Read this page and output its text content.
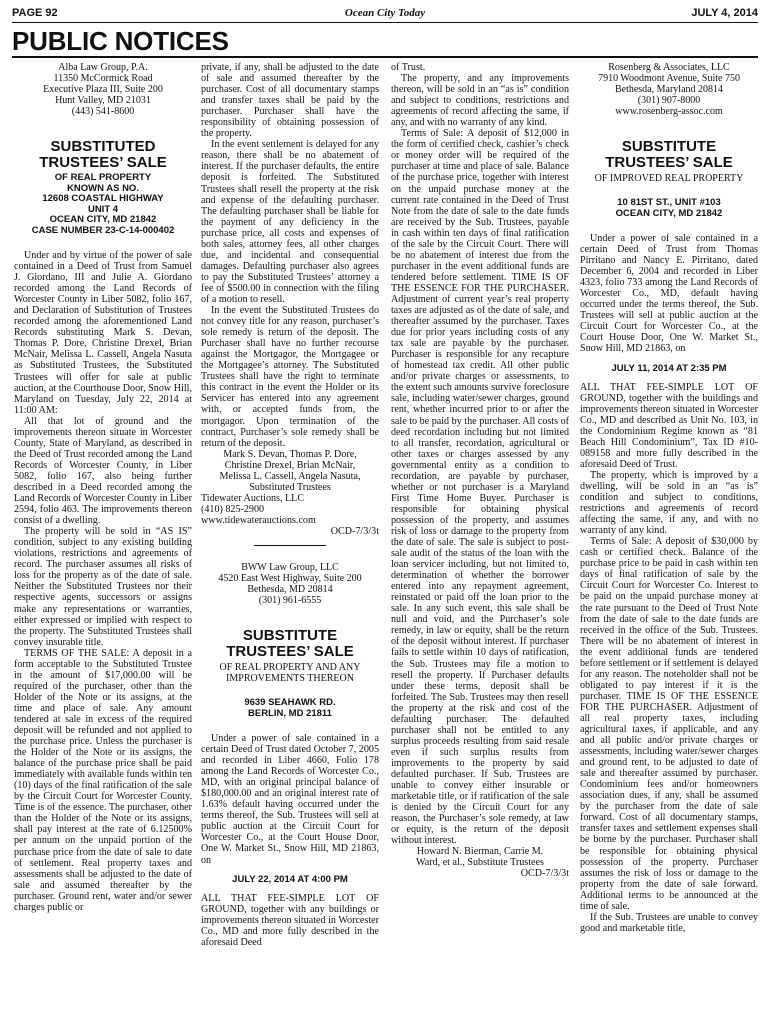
PAGE 92	Ocean City Today	JULY 4, 2014
PUBLIC NOTICES
Alba Law Group, P.A.
11350 McCormick Road
Executive Plaza III, Suite 200
Hunt Valley, MD 21031
(443) 541-8600
SUBSTITUTED TRUSTEES’ SALE
OF REAL PROPERTY
KNOWN AS NO.
12608 COASTAL HIGHWAY
UNIT 4
OCEAN CITY, MD 21842
CASE NUMBER 23-C-14-000402

Under and by virtue of the power of sale contained in a Deed of Trust from Samuel J. Giordano, III and Julie A. Giordano recorded among the Land Records of Worcester County in Liber 5082, folio 167, and Declaration of Substitution of Trustees recorded among the aforementioned Land Records substituting Mark S. Devan, Thomas P. Dore, Christine Drexel, Brian McNair, Melissa L. Cassell, Angela Nasuta as Substituted Trustees, the Substituted Trustees will offer for sale at public auction, at the Courthouse Door, Snow Hill, Maryland on Tuesday, July 22, 2014 at 11:00 AM:

All that lot of ground and the improvements thereon situate in Worcester County, State of Maryland, as described in the Deed of Trust recorded among the Land Records of Worcester County, in Liber 5082, folio 167, also being further described in a Deed recorded among the Land Records of Worcester County in Liber 2594, folio 463. The improvements thereon consist of a dwelling.

The property will be sold in “AS IS” condition, subject to any existing building violations, restrictions and agreements of record. The purchaser assumes all risks of loss for the property as of the date of sale. Neither the Substituted Trustees nor their respective agents, successors or assigns make any representations or warranties, either expressed or implied with respect to the property. The Substituted Trustees shall convey insurable title.

TERMS OF THE SALE: A deposit in a form acceptable to the Substituted Trustee in the amount of $17,000.00 will be required of the purchaser, other than the Holder of the Note or its assigns, at the time and place of sale. Any amount tendered at sale in excess of the required deposit will be refunded and not applied to the purchase price. Unless the purchaser is the Holder of the Note or its assigns, the balance of the purchase price shall be paid immediately with available funds within ten (10) days of the final ratification of the sale by the Circuit Court for Worcester County. Time is of the essence. The purchaser, other than the Holder of the Note or its assigns, shall pay interest at the rate of 6.12500% per annum on the unpaid portion of the purchase price from the date of sale to date of settlement. Real property taxes and assessments shall be adjusted to the date of sale and assumed thereafter by the purchaser. Ground rent, water and/or sewer charges public or

private, if any, shall be adjusted to the date of sale and assumed thereafter by the purchaser. Cost of all documentary stamps and transfer taxes shall be paid by the purchaser. Purchaser shall have the responsibility of obtaining possession of the property.

In the event settlement is delayed for any reason, there shall be no abatement of interest. If the purchaser defaults, the entire deposit is forfeited. The Substituted Trustees shall resell the property at the risk and expense of the defaulting purchaser. The defaulting purchaser shall be liable for the payment of any deficiency in the purchase price, all costs and expenses of both sales, attorney fees, all other charges due, and incidental and consequential damages. Defaulting purchaser also agrees to pay the Substituted Trustees’ attorney a fee of $500.00 in connection with the filing of a motion to resell.

In the event the Substituted Trustees do not convey title for any reason, purchaser’s sole remedy is return of the deposit. The Purchaser shall have no further recourse against the Mortgagor, the Mortgagee or the Mortgagee’s attorney. The Substituted Trustees shall have the right to terminate this contract in the event the Holder or its Servicer has entered into any agreement with, or accepted funds from, the mortgagor. Upon termination of the contract, Purchaser’s sole remedy shall be return of the deposit.

Mark S. Devan, Thomas P. Dore,
Christine Drexel, Brian McNair,
Melissa L. Cassell, Angela Nasuta,
Substituted Trustees
Tidewater Auctions, LLC
(410) 825-2900
www.tidewaterauctions.com
OCD-7/3/3t
BWW Law Group, LLC
4520 East West Highway, Suite 200
Bethesda, MD 20814
(301) 961-6555
SUBSTITUTE TRUSTEES’ SALE
OF REAL PROPERTY AND ANY
IMPROVEMENTS THEREON
9639 SEAHAWK RD.
BERLIN, MD 21811

Under a power of sale contained in a certain Deed of Trust dated October 7, 2005 and recorded in Liber 4660, Folio 178 among the Land Records of Worcester Co., MD, with an original principal balance of $180,000.00 and an original interest rate of 1.63% default having occurred under the terms thereof, the Sub. Trustees will sell at public auction at the Circuit Court for Worcester Co., at the Court House Door, One W. Market St., Snow Hill, MD 21863, on

JULY 22, 2014 AT 4:00 PM

ALL THAT FEE-SIMPLE LOT OF GROUND, together with any buildings or improvements thereon situated in Worcester Co., MD and more fully described in the aforesaid Deed

of Trust.

The property, and any improvements thereon, will be sold in an “as is” condition and subject to conditions, restrictions and agreements of record affecting the same, if any, and with no warranty of any kind.

Terms of Sale: A deposit of $12,000 in the form of certified check, cashier’s check or money order will be required of the purchaser at time and place of sale. Balance of the purchase price, together with interest on the unpaid purchase money at the current rate contained in the Deed of Trust Note from the date of sale to the date funds are received by the Sub. Trustees, payable in cash within ten days of final ratification of the sale by the Circuit Court. There will be no abatement of interest due from the purchaser in the event additional funds are tendered before settlement. TIME IS OF THE ESSENCE FOR THE PURCHASER. Adjustment of current year’s real property taxes are adjusted as of the date of sale, and thereafter assumed by the purchaser. Taxes due for prior years including costs of any tax sale are payable by the purchaser. Purchaser is responsible for any recapture of homestead tax credit. All other public and/or private charges or assessments, to the extent such amounts survive foreclosure sale, including water/sewer charges, ground rent, whether incurred prior to or after the sale to be paid by the purchaser. All costs of deed recordation including but not limited to all transfer, recordation, agricultural or other taxes or charges assessed by any governmental entity as a condition to recordation, are payable by purchaser, whether or not purchaser is a Maryland First Time Home Buyer. Purchaser is responsible for obtaining physical possession of the property, and assumes risk of loss or damage to the property from the date of sale. The sale is subject to post-sale audit of the status of the loan with the loan servicer including, but not limited to, determination of whether the borrower entered into any repayment agreement, reinstated or paid off the loan prior to the sale. In any such event, this sale shall be null and void, and the Purchaser’s sole remedy, in law or equity, shall be the return of the deposit without interest. If purchaser fails to settle within 10 days of ratification, the Sub. Trustees may file a motion to resell the property. If Purchaser defaults under these terms, deposit shall be forfeited. The Sub. Trustees may then resell the property at the risk and cost of the defaulting purchaser. The defaulted purchaser shall not be entitled to any surplus proceeds resulting from said resale even if such surplus results from improvements to the property by said defaulted purchaser. If Sub. Trustees are unable to convey either insurable or marketable title, or if ratification of the sale is denied by the Circuit Court for any reason, the Purchaser’s sole remedy, at law or equity, is the return of the deposit without interest.

Howard N. Bierman, Carrie M.
Ward, et al., Substitute Trustees
OCD-7/3/3t
Rosenberg & Associates, LLC
7910 Woodmont Avenue, Suite 750
Bethesda, Maryland 20814
(301) 907-8000
www.rosenberg-assoc.com
SUBSTITUTE TRUSTEES’ SALE
OF IMPROVED REAL PROPERTY
10 81ST ST., UNIT #103
OCEAN CITY, MD 21842

Under a power of sale contained in a certain Deed of Trust from Thomas Pirritano and Nancy E. Pirritano, dated December 6, 2004 and recorded in Liber 4323, folio 733 among the Land Records of Worcester Co., MD, default having occurred under the terms thereof, the Sub. Trustees will sell at public auction at the Circuit Court for Worcester Co., at the Court House Door, One W. Market St., Snow Hill, MD 21863, on

JULY 11, 2014 AT 2:35 PM

ALL THAT FEE-SIMPLE LOT OF GROUND, together with the buildings and improvements thereon situated in Worcester Co., MD and described as Unit No. 103, in the Condominium Regime known as “81 Beach Hill Condominium”, Tax ID #10-089158 and more fully described in the aforesaid Deed of Trust.

The property, which is improved by a dwelling, will be sold in an “as is” condition and subject to conditions, restrictions and agreements of record affecting the same, if any, and with no warranty of any kind.

Terms of Sale: A deposit of $30,000 by cash or certified check. Balance of the purchase price to be paid in cash within ten days of final ratification of sale by the Circuit Court for Worcester Co. Interest to be paid on the unpaid purchase money at the rate pursuant to the Deed of Trust Note from the date of sale to the date funds are received in the office of the Sub. Trustees. There will be no abatement of interest in the event additional funds are tendered before settlement or if settlement is delayed for any reason. The noteholder shall not be obligated to pay interest if it is the purchaser. TIME IS OF THE ESSENCE FOR THE PURCHASER. Adjustment of all real property taxes, including agricultural taxes, if applicable, and any and all public and/or private charges or assessments, including water/sewer charges and ground rent, to be adjusted to date of sale and thereafter assumed by purchaser. Condominium fees and/or homeowners association dues, if any, shall be assumed by the purchaser from the date of sale forward. Cost of all documentary stamps, transfer taxes and settlement expenses shall be borne by the purchaser. Purchaser shall be responsible for obtaining physical possession of the property. Purchaser assumes the risk of loss or damage to the property from the date of sale forward. Additional terms to be announced at the time of sale.

If the Sub. Trustees are unable to convey good and marketable title,
